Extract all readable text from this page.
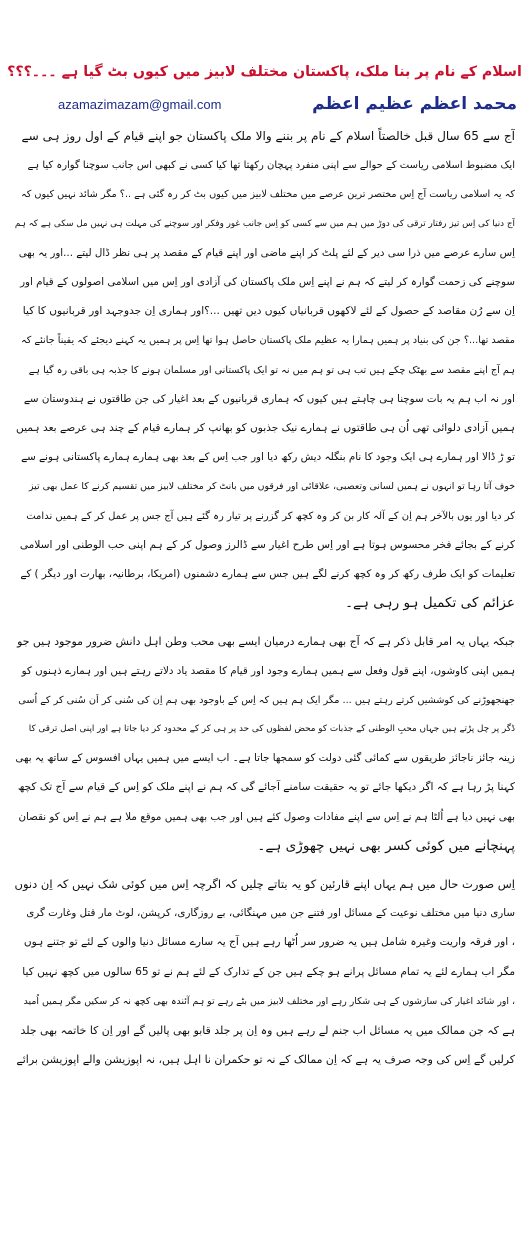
اسلام کے نام پر بنا ملک، پاکستان مختلف لابیز میں کیوں بٹ گیا ہے ۔۔۔؟؟؟
محمد اعظم عظیم اعظم
azamazimazam@gmail.com

آج سے 65 سال قبل خالصتاً اسلام کے نام پر بننے والا ملک پاکستان جو اپنے قیام کے اول روز ہی سے
ایک مضبوط اسلامی ریاست کے حوالے سے اپنی منفرد پہچان رکھتا تھا کیا کسی نے کبھی اس جانب سوچنا گوارہ کیا ہے
کہ یہ اسلامی ریاست آج اِس مختصر ترین عرصے میں مختلف لابیز میں کیوں بٹ کر رہ گئی ہے ..؟ مگر شائد نہیں کیوں کہ
آج دنیا کی اِس تیز رفتار ترقی کی دوڑ میں ہم میں سے کسی کو اِس جانب غور وفکر اور سوچنے کی مہلت ہی نہیں مل سکی ہے کہ ہم
اِس سارے عرصے میں ذرا سی دیر کے لئے پلٹ کر اپنے ماضی اور اپنے قیام کے مقصد پر ہی نظر ڈال لیتے ...اور یہ بھی
سوچنے کی زحمت گوارہ کر لیتے کہ ہم نے اپنے اِس ملک پاکستان کی آزادی اور اِس میں اسلامی اصولوں کے قیام اور
اِن سے رُن مقاصد کے حصول کے لئے لاکھوں قربانیاں کیوں دیں تھیں ...؟اور ہماری اِن جدوجہد اور قربانیوں کا کیا
مقصد تھا...؟ جن کی بنیاد پر ہمیں ہمارا یہ عظیم ملک پاکستان حاصل ہوا تھا اِس پر ہمیں یہ کہنے دیجئے کہ یقیناً جانئے کہ
ہم آج اپنے مقصد سے بھٹک چکے ہیں تب ہی تو ہم میں نہ تو ایک پاکستانی اور مسلمان ہونے کا جذبہ ہی باقی رہ گیا ہے
اور نہ اب ہم یہ بات سوچنا ہی چاہتے ہیں کیوں کہ ہماری قربانیوں کے بعد اغیار کی جن طاقتوں نے ہندوستان سے
ہمیں آزادی دلوائی تھی اُن ہی طاقتوں نے ہمارے نیک جذبوں کو بھانپ کر ہمارے قیام کے چند ہی عرصے بعد ہمیں
تو ڑ ڈالا اور ہمارے ہی ایک وجود کا نام بنگلہ دیش رکھ دیا اور جب اِس کے بعد بھی ہمارے ہمارے پاکستانی ہونے سے
خوف آتا رہا تو انہوں نے ہمیں لسانی وتعصبی، علاقائی اور فرقوں میں بانٹ کر مختلف لابیز میں تقسیم کرنے کا عمل بھی تیز
کر دیا اور یوں بالآخر ہم اِن کے آلہ کار بن کر وہ کچھ کر گزرنے پر تیار رہ گئے ہیں آج جس پر عمل کر کے ہمیں ندامت
کرنے کے بجائے فخر محسوس ہوتا ہے اور اِس طرح اغیار سے ڈالرز وصول کر کے ہم اپنی حب الوطنی اور اسلامی
تعلیمات کو ایک طرف رکھ کر وہ کچھ کرنے لگے ہیں جس سے ہمارے دشمنوں (امریکا، برطانیہ، بھارت اور دیگر ) کے
عزائم کی تکمیل ہو رہی ہے۔

جبکہ یہاں یہ امر قابل ذکر ہے کہ آج بھی ہمارے درمیان ایسے بھی محب وطن اہل دانش ضرور موجود ہیں جو
ہمیں اپنی کاوشوں، اپنے قول وفعل سے ہمیں ہمارے وجود اور قیام کا مقصد یاد دلاتے رہتے ہیں اور ہمارے ذہنوں کو
جھنجھوڑنے کی کوششیں کرتے رہتے ہیں ... مگر ایک ہم ہیں کہ اِس کے باوجود بھی ہم اِن کی سُنی کر اَن سُنی کر کے اُسی
ڈگر پر چل پڑتے ہیں جہاں محبِ الوطنی کے جذبات کو محض لفظوں کی حد پر ہی کر کے محدود کر دیا جاتا ہے اور اپنی اصل ترقی کا
زینہ جائز ناجائز طریقوں سے کمائی گئی دولت کو سمجھا جاتا ہے۔ اب ایسے میں ہمیں یہاں افسوس کے ساتھ یہ بھی
کہنا پڑ رہا ہے کہ اگر دیکھا جائے تو یہ حقیقت سامنے آجائے گی کہ ہم نے اپنے ملک کو اِس کے قیام سے آج تک کچھ
بھی نہیں دیا ہے اُلٹا ہم نے اِس سے اپنے مفادات وصول کئے ہیں اور جب بھی ہمیں موقع ملا ہے ہم نے اِس کو نقصان
پہنچانے میں کوئی کسر بھی نہیں چھوڑی ہے۔

اِس صورت حال میں ہم یہاں اپنے قارئین کو یہ بتاتے چلیں کہ اگرچہ اِس میں کوئی شک نہیں کہ اِن دنوں
ساری دنیا میں مختلف نوعیت کے مسائل اور فتنے جن میں مہنگائی، بے روزگاری، کرپشن، لوٹ مار قتل وغارت گری
، اور فرقہ واریت وغیرہ شامل ہیں یہ ضرور سر اُٹھا رہے ہیں آج یہ سارے مسائل دنیا والوں کے لئے تو جتنے ہوں
مگر اب ہمارے لئے یہ تمام مسائل پرانے ہو چکے ہیں جن کے تدارک کے لئے ہم نے تو 65 سالوں میں کچھ نہیں کیا
، اور شائد اغیار کی سازشوں کے ہی شکار رہے اور مختلف لابیز میں بٹے رہے تو ہم آئندہ بھی کچھ نہ کر سکیں مگر ہمیں اُمید
ہے کہ جن ممالک میں یہ مسائل اب جنم لے رہے ہیں وہ اِن پر جلد قابو بھی پالیں گے اور اِن کا خاتمہ بھی جلد
کرلیں گے اِس کی وجہ صرف یہ ہے کہ اِن ممالک کے نہ تو حکمران نا اہل ہیں، نہ اپوزیشن والے اپوزیشن برائے
